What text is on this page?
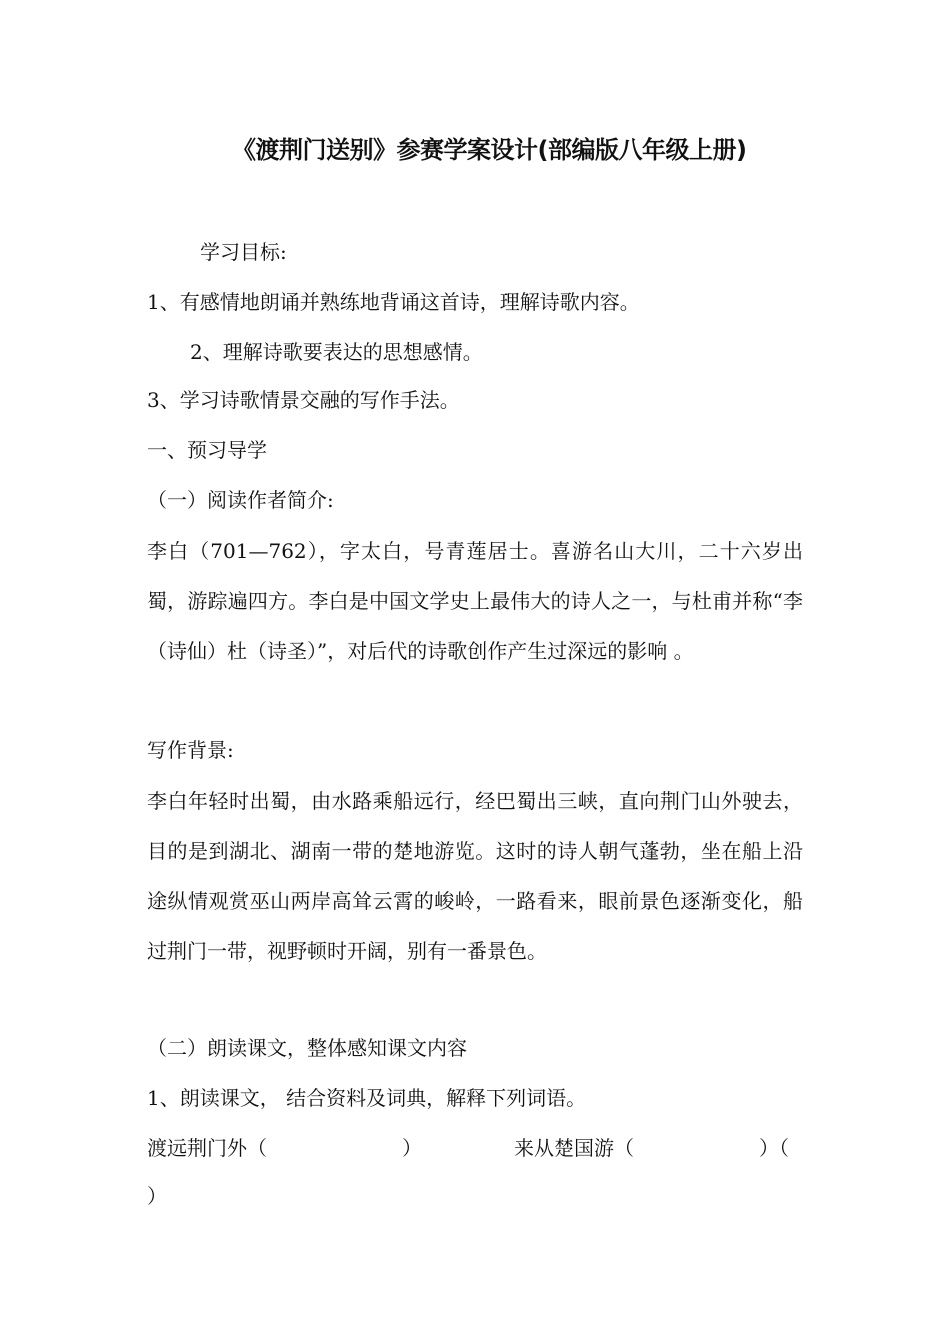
《渡荆门送别》参赛学案设计(部编版八年级上册)
学习目标:
1、有感情地朗诵并熟练地背诵这首诗，理解诗歌内容。
2、理解诗歌要表达的思想感情。
3、学习诗歌情景交融的写作手法。
一、预习导学
（一）阅读作者简介:
李白（701—762），字太白，号青莲居士。喜游名山大川，二十六岁出蜀，游踪遍四方。李白是中国文学史上最伟大的诗人之一，与杜甫并称“李（诗仙）杜（诗圣）”，对后代的诗歌创作产生过深远的影响 。
写作背景:
李白年轻时出蜀，由水路乘船远行，经巴蜀出三峡，直向荆门山外驶去，目的是到湖北、湖南一带的楚地游览。这时的诗人朝气蓬勃，坐在船上沿途纵情观赏巫山两岸高耸云霄的峻岭，一路看来，眼前景色逐渐变化，船过荆门一带，视野顿时开阔，别有一番景色。
（二）朗读课文，整体感知课文内容
1、朗读课文， 结合资料及词典，解释下列词语。
渡远荆门外（	）	来从楚国游（	）（
）
